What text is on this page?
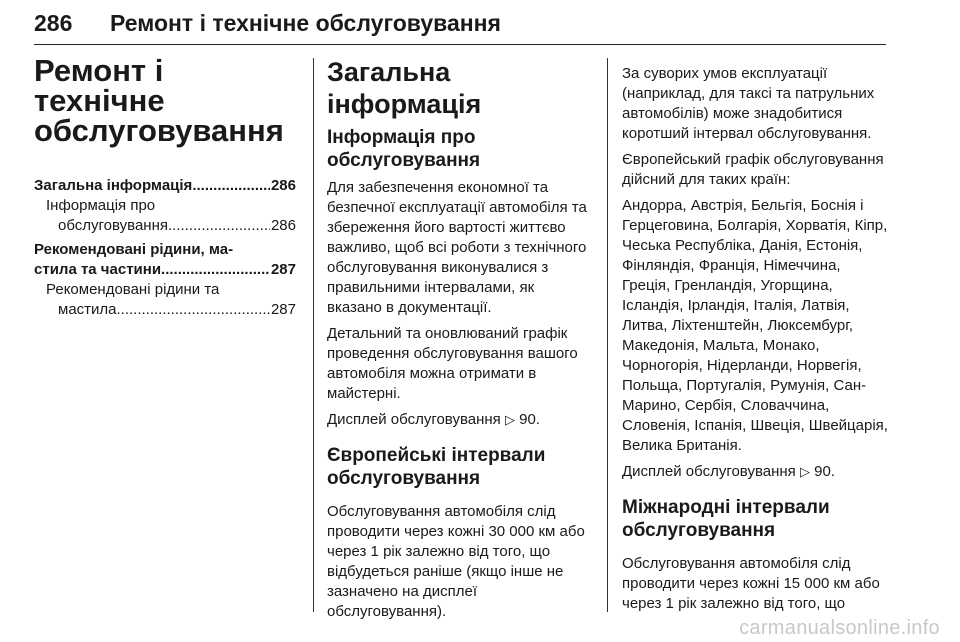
286 Ремонт і технічне обслуговування
Ремонт і технічне обслуговування
Загальна інформація .....	286
Інформація про
обслуговування .....	286
Рекомендовані рідини, ма-
стила та частини .....	287
Рекомендовані рідини та
мастила .....	287
Загальна інформація
Інформація про обслуговування

Для забезпечення економної та безпечної експлуатації автомобіля та збереження його вартості життєво важливо, щоб всі роботи з технічного обслуговування виконувалися з правильними інтервалами, як вказано в документації.

Детальний та оновлюваний графік проведення обслуговування вашого автомобіля можна отримати в майстерні.

Дисплей обслуговування ▷ 90.

Європейські інтервали обслуговування

Обслуговування автомобіля слід проводити через кожні 30 000 км або через 1 рік залежно від того, що відбудеться раніше (якщо інше не зазначено на дисплеї обслуговування).

За суворих умов експлуатації (наприклад, для таксі та патрульних автомобілів) може знадобитися коротший інтервал обслуговування.

Європейський графік обслуговування дійсний для таких країн:

Андорра, Австрія, Бельгія, Боснія і Герцеговина, Болгарія, Хорватія, Кіпр, Чеська Республіка, Данія, Естонія, Фінляндія, Франція, Німеччина, Греція, Гренландія, Угорщина, Ісландія, Ірландія, Італія, Латвія, Литва, Ліхтенштейн, Люксембург, Македонія, Мальта, Монако, Чорногорія, Нідерланди, Норвегія, Польща, Португалія, Румунія, Сан-Марино, Сербія, Словаччина, Словенія, Іспанія, Швеція, Швейцарія, Велика Британія.

Дисплей обслуговування ▷ 90.

Міжнародні інтервали обслуговування

Обслуговування автомобіля слід проводити через кожні 15 000 км або через 1 рік залежно від того, що

carmanualsonline.info
